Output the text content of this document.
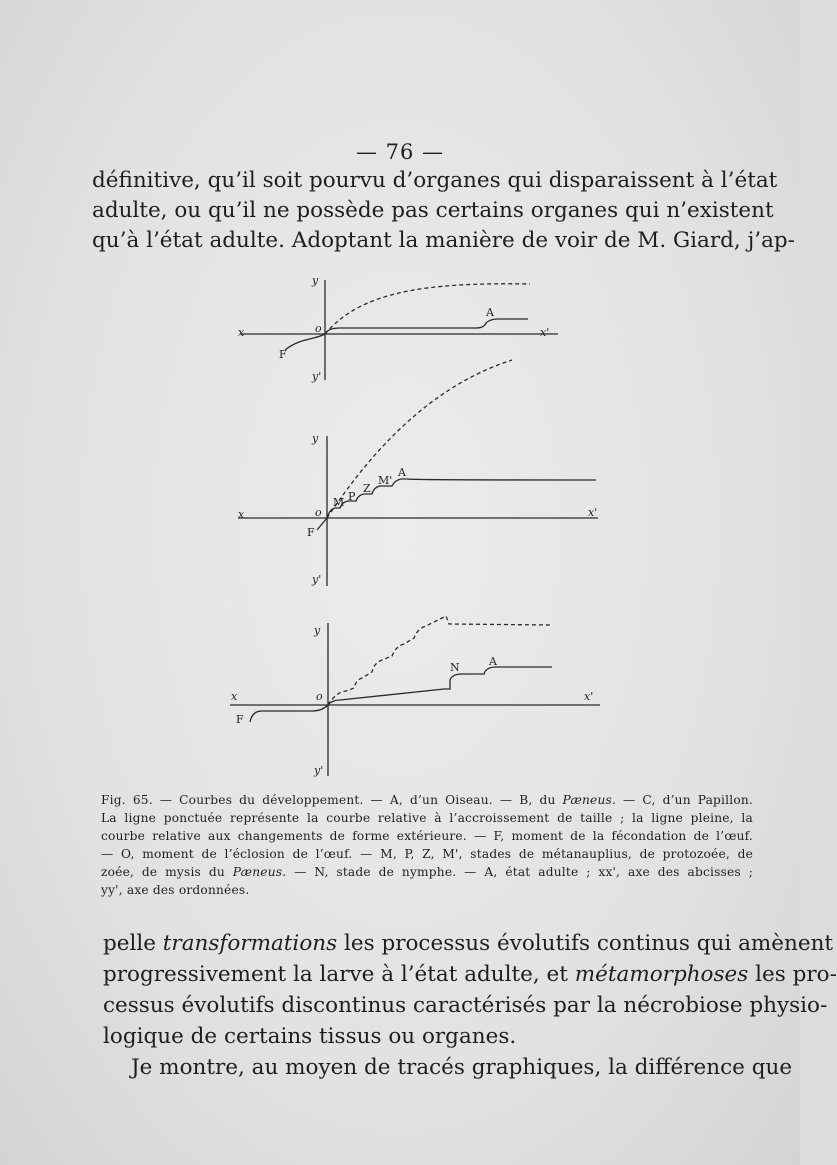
— 76 —
définitive, qu’il soit pourvu d’organes qui disparaissent à l’état
adulte, ou qu’il ne possède pas certains organes qui n’existent
qu’à l’état adulte. Adoptant la manière de voir de M. Giard, j’ap-
y
x	x'
o
y'
F
A
y
x	x'
o
y'
F
M P
Z
M'
A
y
x	x'
o
y'
F
N	A
Fig. 65. — Courbes du développement. — A, d’un Oiseau. — B, du Pæneus. — C, d’un Papillon.
La ligne ponctuée représente la courbe relative à l’accroissement de taille ; la ligne pleine, la
courbe relative aux changements de forme extérieure. — F, moment de la fécondation de l’œuf.
— O, moment de l’éclosion de l’œuf. — M, P, Z, M', stades de métanauplius, de protozoée, de
zoée, de mysis du Pæneus. — N, stade de nymphe. — A, état adulte ; xx', axe des abcisses ;
yy', axe des ordonnées.
pelle transformations les processus évolutifs continus qui amènent
progressivement la larve à l’état adulte, et métamorphoses les pro-
cessus évolutifs discontinus caractérisés par la nécrobiose physio-
logique de certains tissus ou organes.
Je montre, au moyen de tracés graphiques, la différence que
